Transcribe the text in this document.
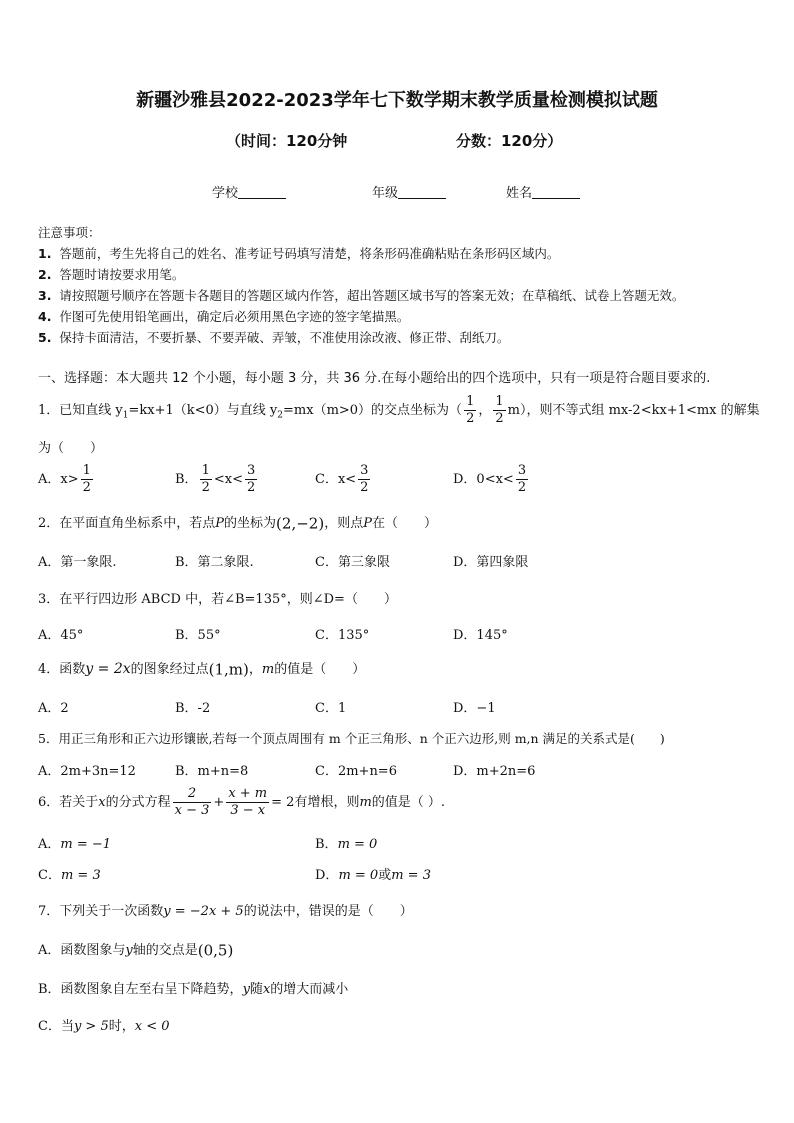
新疆沙雅县2022-2023学年七下数学期末教学质量检测模拟试题
（时间：120分钟	分数：120分）
学校	年级	姓名
注意事项：
1. 答题前，考生先将自己的姓名、准考证号码填写清楚，将条形码准确粘贴在条形码区域内。
2. 答题时请按要求用笔。
3. 请按照题号顺序在答题卡各题目的答题区域内作答，超出答题区域书写的答案无效；在草稿纸、试卷上答题无效。
4. 作图可先使用铅笔画出，确定后必须用黑色字迹的签字笔描黑。
5. 保持卡面清洁，不要折暴、不要弄破、弄皱，不准使用涂改液、修正带、刮纸刀。
一、选择题：本大题共 12 个小题，每小题 3 分，共 36 分.在每小题给出的四个选项中，只有一项是符合题目要求的.
1．已知直线 $y_1=kx+1(k<0)$与直线 $y_2=mx(m>0)$的交点坐标为（ $\frac{1}{2}$ ， $\frac{1}{2} m$），则不等式组 mx-2<kx+1<mx 的解集
为（　　）
A．$x> \frac{1}{2}$	B． $\frac{1}{2} <x< \frac{3}{2}$	C．$x< \frac{3}{2}$	D．$0<x< \frac{3}{2}$
2．在平面直角坐标系中，若点P的坐标为(2,−2)，则点P在（　　）
A．第一象限.	B．第二象限.	C．第三象限	D．第四象限
3．在平行四边形 ABCD 中，若∠B=135°，则∠D=（　　）
A．45°	B．55°	C．135°	D．145°
4．函数y = 2x的图象经过点(1,m)，m的值是（　　）
A．2	B．-2	C．1	D．−1
5．用正三角形和正六边形镶嵌,若每一个顶点周围有 m 个正三角形、n 个正六边形,则 m,n 满足的关系式是(　　)
A．2m+3n=12	B．m+n=8	C．2m+n=6	D．m+2n=6
6．若关于x的分式方程 $\frac{2}{x - 3} + \frac{x + m}{3 - x} = 2$有增根，则m的值是（ ）.
A．m = −1	B．m = 0
C．m = 3	D．m = 0或m = 3
7．下列关于一次函数y = −2x + 5的说法中，错误的是（　　）
A．函数图象与y轴的交点是(0,5)
B．函数图象自左至右呈下降趋势，y随x的增大而减小
C．当y > 5时，x < 0
